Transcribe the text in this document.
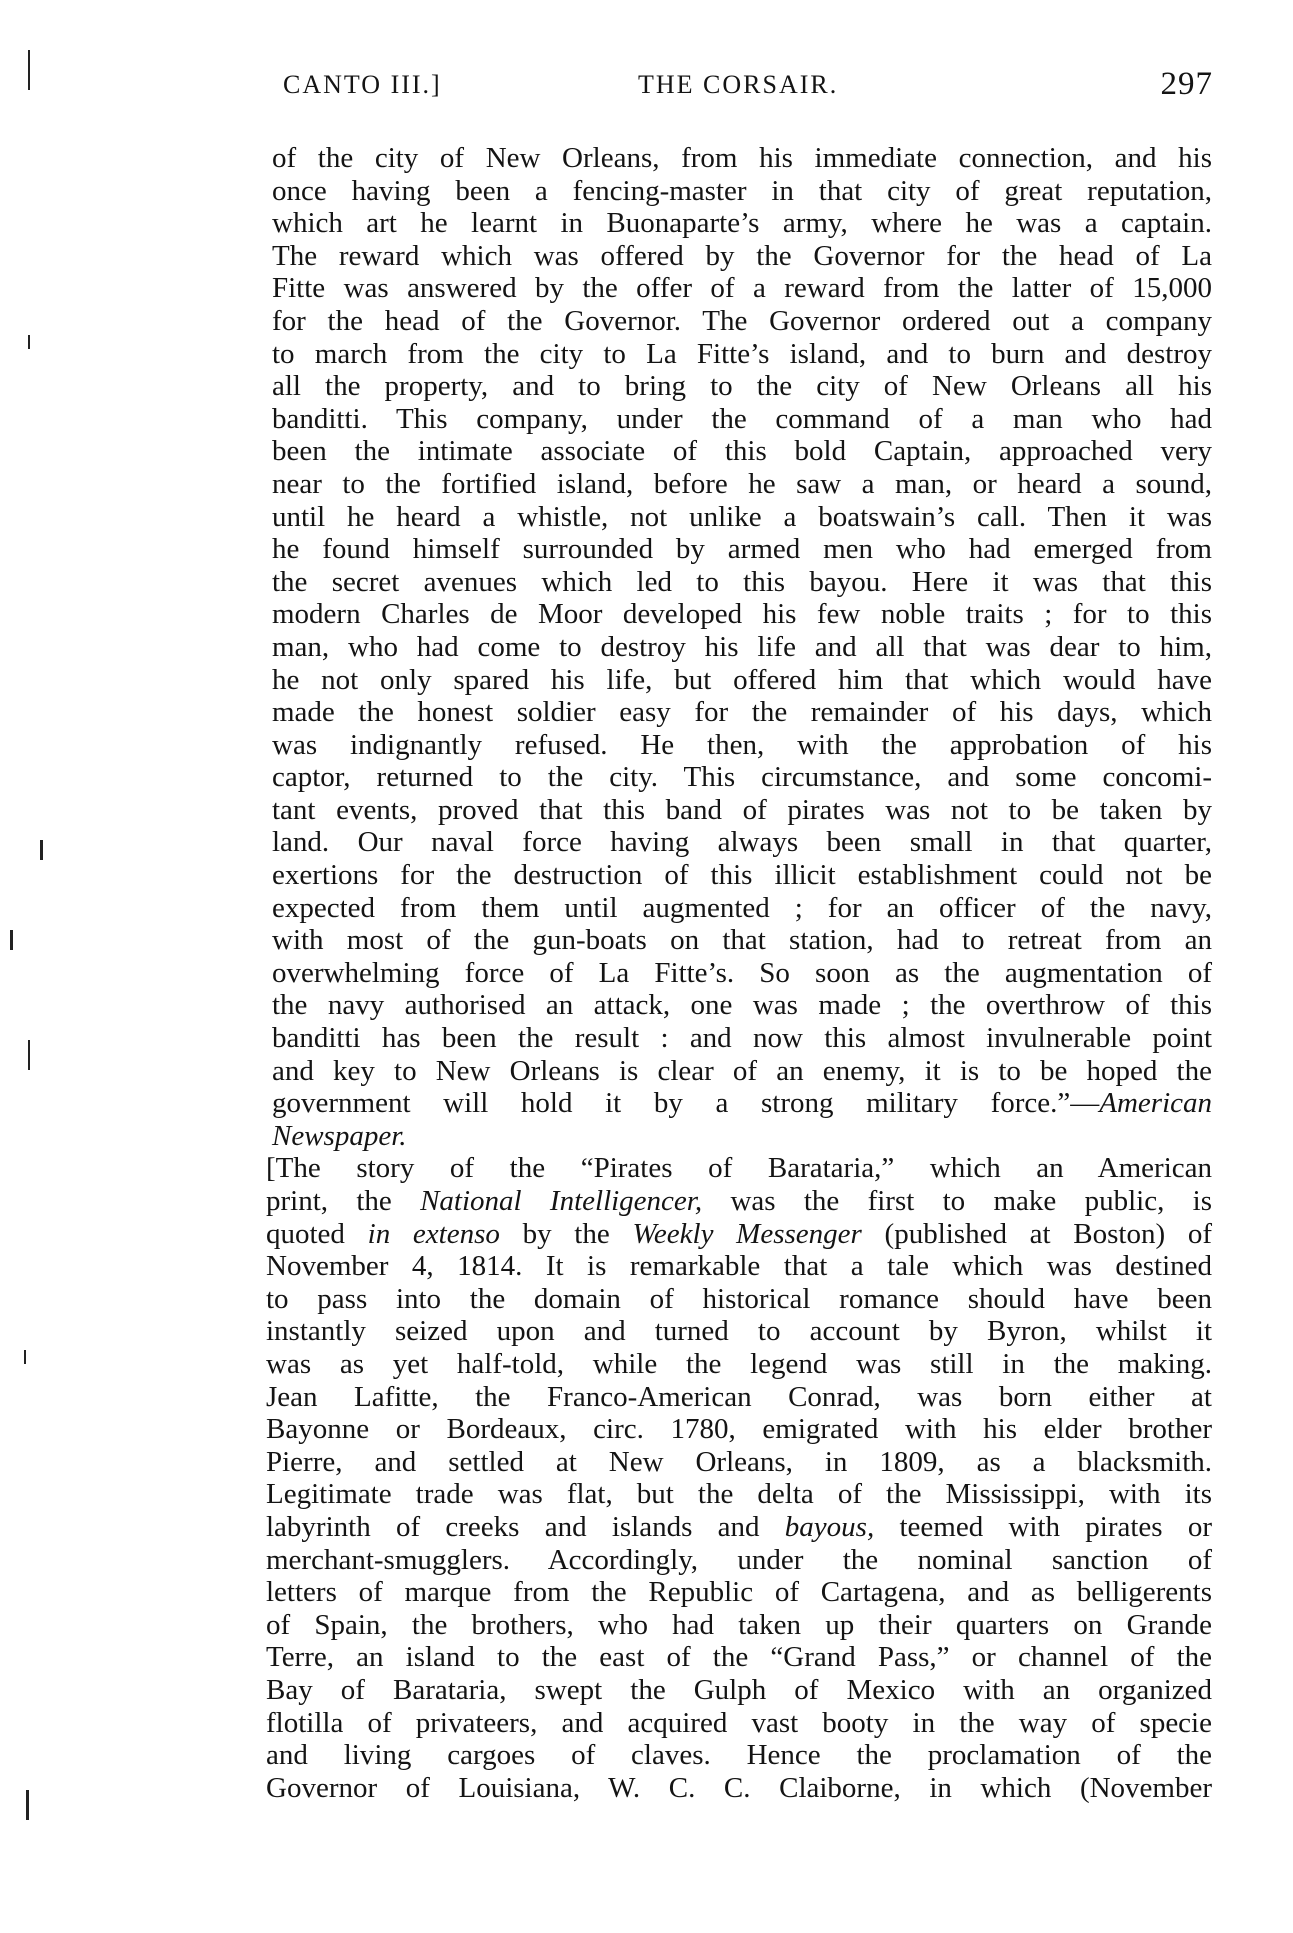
CANTO III.]	THE CORSAIR.	297
of the city of New Orleans, from his immediate connection, and his
once having been a fencing-master in that city of great reputation,
which art he learnt in Buonaparte’s army, where he was a captain.
The reward which was offered by the Governor for the head of La
Fitte was answered by the offer of a reward from the latter of 15,000
for the head of the Governor. The Governor ordered out a company
to march from the city to La Fitte’s island, and to burn and destroy
all the property, and to bring to the city of New Orleans all his
banditti. This company, under the command of a man who had
been the intimate associate of this bold Captain, approached very
near to the fortified island, before he saw a man, or heard a sound,
until he heard a whistle, not unlike a boatswain’s call. Then it was
he found himself surrounded by armed men who had emerged from
the secret avenues which led to this bayou. Here it was that this
modern Charles de Moor developed his few noble traits ; for to this
man, who had come to destroy his life and all that was dear to him,
he not only spared his life, but offered him that which would have
made the honest soldier easy for the remainder of his days, which
was indignantly refused. He then, with the approbation of his
captor, returned to the city. This circumstance, and some concomi-
tant events, proved that this band of pirates was not to be taken by
land. Our naval force having always been small in that quarter,
exertions for the destruction of this illicit establishment could not be
expected from them until augmented ; for an officer of the navy,
with most of the gun-boats on that station, had to retreat from an
overwhelming force of La Fitte’s. So soon as the augmentation of
the navy authorised an attack, one was made ; the overthrow of this
banditti has been the result : and now this almost invulnerable point
and key to New Orleans is clear of an enemy, it is to be hoped the
government will hold it by a strong military force.”—American
Newspaper.
[The story of the “Pirates of Barataria,” which an American
print, the National Intelligencer, was the first to make public, is
quoted in extenso by the Weekly Messenger (published at Boston) of
November 4, 1814. It is remarkable that a tale which was destined
to pass into the domain of historical romance should have been
instantly seized upon and turned to account by Byron, whilst it
was as yet half-told, while the legend was still in the making.
Jean Lafitte, the Franco-American Conrad, was born either at
Bayonne or Bordeaux, circ. 1780, emigrated with his elder brother
Pierre, and settled at New Orleans, in 1809, as a blacksmith.
Legitimate trade was flat, but the delta of the Mississippi, with its
labyrinth of creeks and islands and bayous, teemed with pirates or
merchant-smugglers. Accordingly, under the nominal sanction of
letters of marque from the Republic of Cartagena, and as belligerents
of Spain, the brothers, who had taken up their quarters on Grande
Terre, an island to the east of the “Grand Pass,” or channel of the
Bay of Barataria, swept the Gulph of Mexico with an organized
flotilla of privateers, and acquired vast booty in the way of specie
and living cargoes of claves. Hence the proclamation of the
Governor of Louisiana, W. C. C. Claiborne, in which (November
